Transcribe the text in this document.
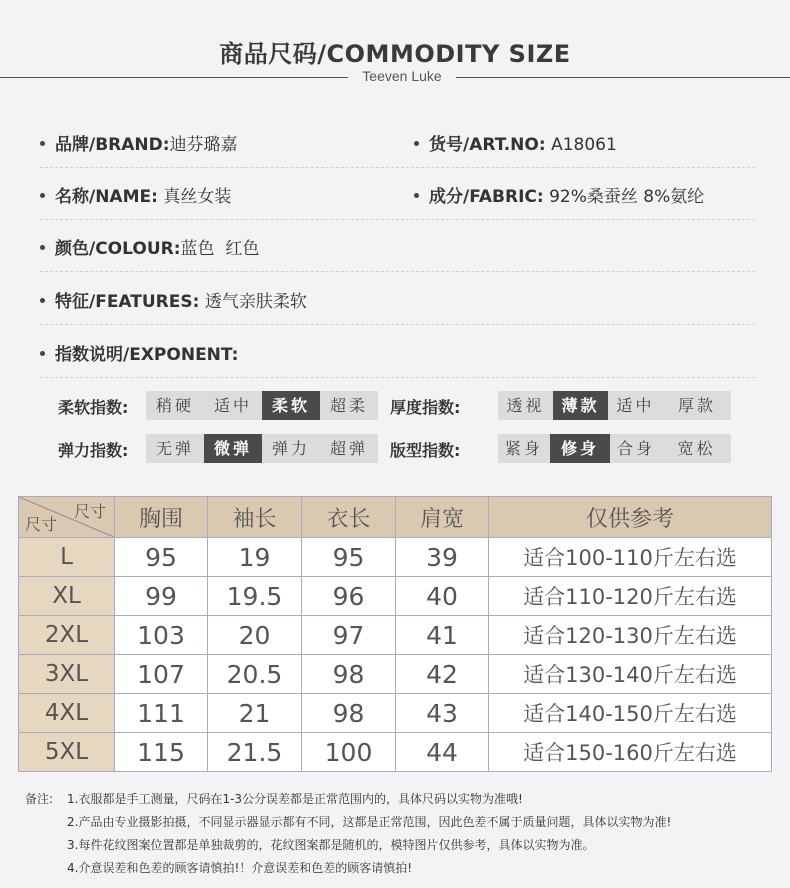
商品尺码/COMMODITY SIZE
Teeven Luke
品牌/BRAND:迪芬璐嘉	货号/ART.NO: A18061
名称/NAME: 真丝女装	成分/FABRIC: 92%桑蚕丝 8%氨纶
颜色/COLOUR:蓝色  红色
特征/FEATURES: 透气亲肤柔软
指数说明/EXPONENT:
柔软指数:	稍硬	适中	柔软	超柔	厚度指数:	透视	薄款	适中	厚款
弹力指数:	无弹	微弹	弹力	超弹	版型指数:	紧身	修身	合身	宽松
尺寸
尺寸	胸围	袖长	衣长	肩宽	仅供参考
L	95	19	95	39	适合100-110斤左右选
XL	99	19.5	96	40	适合110-120斤左右选
2XL	103	20	97	41	适合120-130斤左右选
3XL	107	20.5	98	42	适合130-140斤左右选
4XL	111	21	98	43	适合140-150斤左右选
5XL	115	21.5	100	44	适合150-160斤左右选
备注: 1.衣服都是手工测量，尺码在1-3公分误差都是正常范围内的，具体尺码以实物为准哦!
2.产品由专业摄影拍摄，不同显示器显示都有不同，这都是正常范围，因此色差不属于质量问题，具体以实物为准!
3.每件花纹图案位置都是单独裁剪的，花纹图案都是随机的，模特图片仅供参考，具体以实物为准。
4.介意误差和色差的顾客请慎拍!！介意误差和色差的顾客请慎拍!
